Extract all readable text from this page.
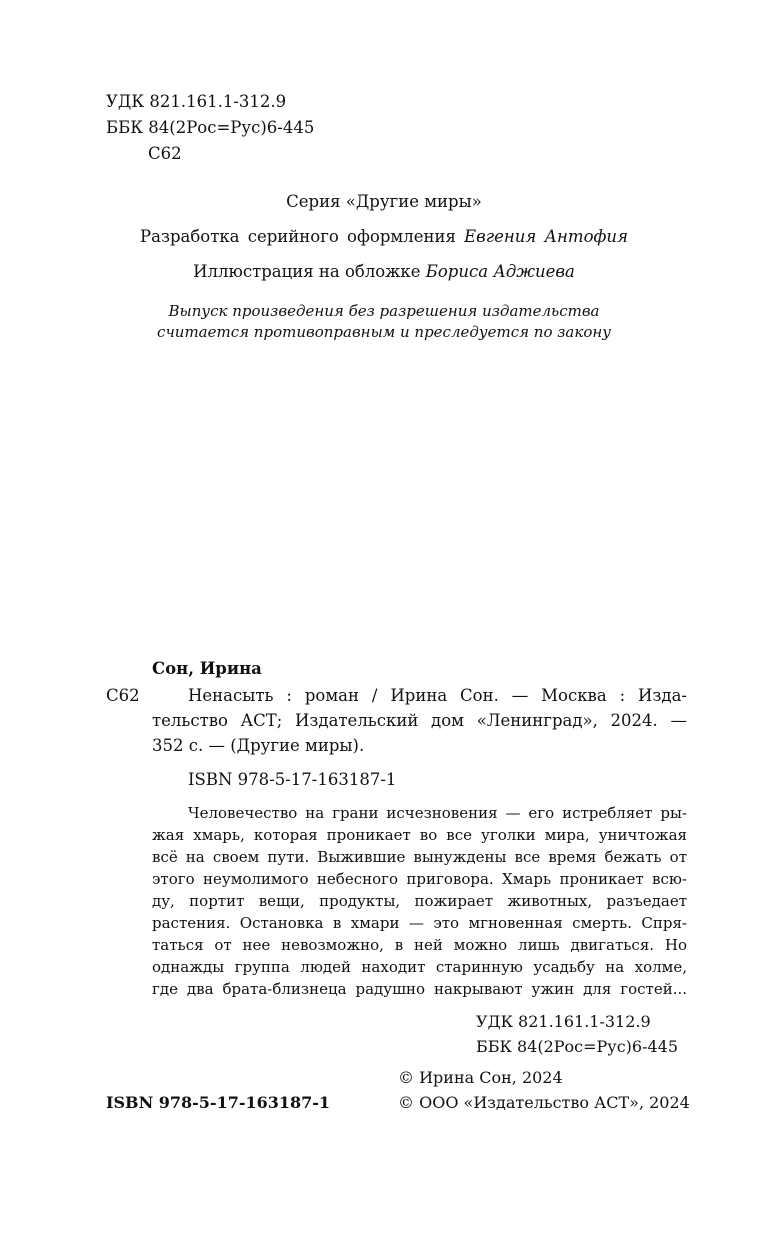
УДК 821.161.1-312.9
ББК 84(2Рос=Рус)6-445
С62
Серия «Другие миры»
Разработка серийного оформления Евгения Антофия
Иллюстрация на обложке Бориса Аджиева
Выпуск произведения без разрешения издательства
считается противоправным и преследуется по закону
Сон, Ирина
С62	Ненасыть : роман / Ирина Сон. — Москва : Изда-
тельство АСТ; Издательский дом «Ленинград», 2024. —
352 с. — (Другие миры).
ISBN 978-5-17-163187-1
Человечество на грани исчезновения — его истребляет ры-
жая хмарь, которая проникает во все уголки мира, уничтожая
всё на своем пути. Выжившие вынуждены все время бежать от
этого неумолимого небесного приговора. Хмарь проникает всю-
ду, портит вещи, продукты, пожирает животных, разъедает
растения. Остановка в хмари — это мгновенная смерть. Спря-
таться от нее невозможно, в ней можно лишь двигаться. Но
однажды группа людей находит старинную усадьбу на холме,
где два брата-близнеца радушно накрывают ужин для гостей...
УДК 821.161.1-312.9
ББК 84(2Рос=Рус)6-445
© Ирина Сон, 2024
ISBN 978-5-17-163187-1	© ООО «Издательство АСТ», 2024
